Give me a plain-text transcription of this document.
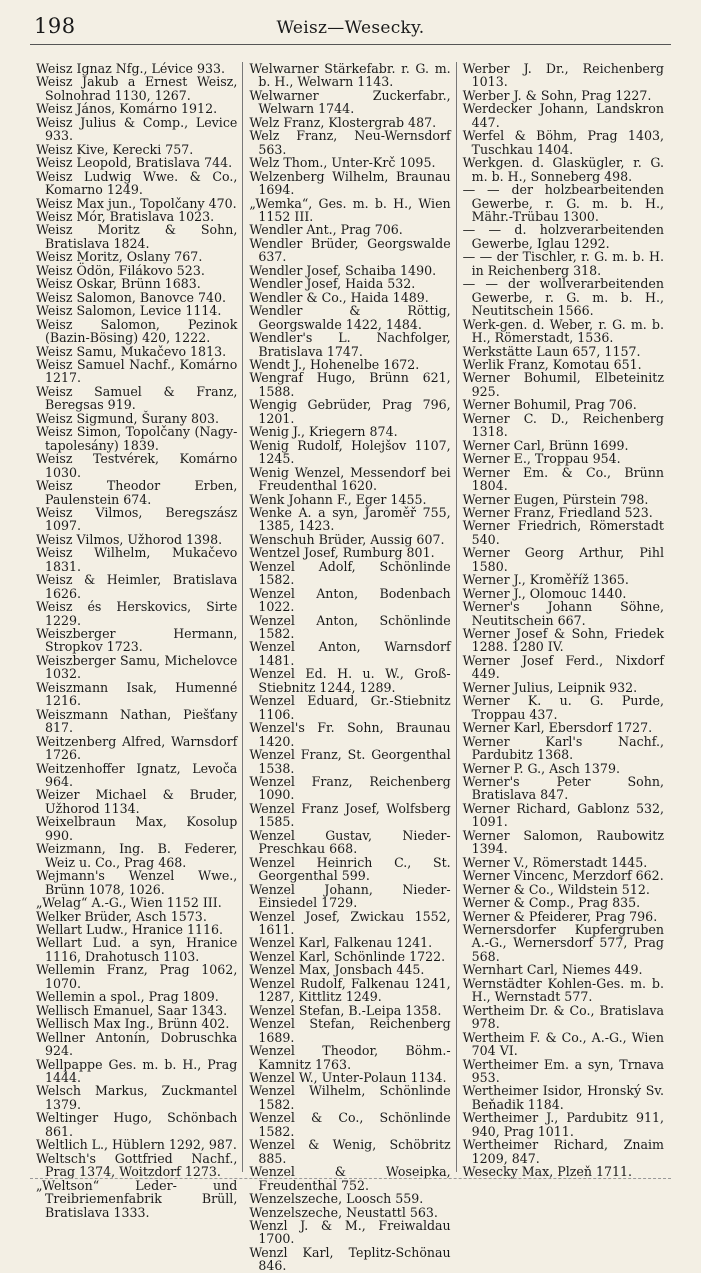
198	Weisz—Wesecky.

Weisz Ignaz Nfg., Lévice 933.

Weisz Jakub a Ernest Weisz, Solnohrad 1130, 1267.

Weisz János, Komárno 1912.

Weisz Julius & Comp., Levice 933.

Weisz Kive, Kerecki 757.

Weisz Leopold, Bratislava 744.

Weisz Ludwig Wwe. & Co., Komarno 1249.

Weisz Max jun., Topolčany 470.

Weisz Mór, Bratislava 1023.

Weisz Moritz & Sohn, Bratislava 1824.

Weisz Moritz, Oslany 767.

Weisz Ödön, Filákovo 523.

Weisz Oskar, Brünn 1683.

Weisz Salomon, Banovce 740.

Weisz Salomon, Levice 1114.

Weisz Salomon, Pezinok (Bazin-Bösing) 420, 1222.

Weisz Samu, Mukačevo 1813.

Weisz Samuel Nachf., Komárno 1217.

Weisz Samuel & Franz, Beregsas 919.

Weisz Sigmund, Šurany 803.

Weisz Simon, Topolčany (Nagy-tapolesány) 1839.

Weisz Testvérek, Komárno 1030.

Weisz Theodor Erben, Paulenstein 674.

Weisz Vilmos, Beregszász 1097.

Weisz Vilmos, Užhorod 1398.

Weisz Wilhelm, Mukačevo 1831.

Weisz & Heimler, Bratislava 1626.

Weisz és Herskovics, Sirte 1229.

Weiszberger Hermann, Stropkov 1723.

Weiszberger Samu, Michelovce 1032.

Weiszmann Isak, Humenné 1216.

Weiszmann Nathan, Piešťany 817.

Weitzenberg Alfred, Warnsdorf 1726.

Weitzenhoffer Ignatz, Levoča 964.

Weizer Michael & Bruder, Užhorod 1134.

Weixelbraun Max, Kosolup 990.

Weizmann, Ing. B. Federer, Weiz u. Co., Prag 468.

Wejmann's Wenzel Wwe., Brünn 1078, 1026.

„Welag“ A.-G., Wien 1152 III.

Welker Brüder, Asch 1573.

Wellart Ludw., Hranice 1116.

Wellart Lud. a syn, Hranice 1116, Drahotusch 1103.

Wellemin Franz, Prag 1062, 1070.

Wellemin a spol., Prag 1809.

Wellisch Emanuel, Saar 1343.

Wellisch Max Ing., Brünn 402.

Wellner Antonín, Dobruschka 924.

Wellpappe Ges. m. b. H., Prag 1444.

Welsch Markus, Zuckmantel 1379.

Weltinger Hugo, Schönbach 861.

Weltlich L., Hüblern 1292, 987.

Weltsch's Gottfried Nachf., Prag 1374, Woitzdorf 1273.

„Weltson“ Leder- und Treibriemenfabrik Brüll, Bratislava 1333.

Welwarner Stärkefabr. r. G. m. b. H., Welwarn 1143.

Welwarner Zuckerfabr., Welwarn 1744.

Welz Franz, Klostergrab 487.

Welz Franz, Neu-Wernsdorf 563.

Welz Thom., Unter-Krč 1095.

Welzenberg Wilhelm, Braunau 1694.

„Wemka“, Ges. m. b. H., Wien 1152 III.

Wendler Ant., Prag 706.

Wendler Brüder, Georgswalde 637.

Wendler Josef, Schaiba 1490.

Wendler Josef, Haida 532.

Wendler & Co., Haida 1489.

Wendler & Röttig, Georgswalde 1422, 1484.

Wendler's L. Nachfolger, Bratislava 1747.

Wendt J., Hohenelbe 1672.

Wengraf Hugo, Brünn 621, 1588.

Wengig Gebrüder, Prag 796, 1201.

Wenig J., Kriegern 874.

Wenig Rudolf, Holejšov 1107, 1245.

Wenig Wenzel, Messendorf bei Freudenthal 1620.

Wenk Johann F., Eger 1455.

Wenke A. a syn, Jaroměř 755, 1385, 1423.

Wenschuh Brüder, Aussig 607.

Wentzel Josef, Rumburg 801.

Wenzel Adolf, Schönlinde 1582.

Wenzel Anton, Bodenbach 1022.

Wenzel Anton, Schönlinde 1582.

Wenzel Anton, Warnsdorf 1481.

Wenzel Ed. H. u. W., Groß-Stiebnitz 1244, 1289.

Wenzel Eduard, Gr.-Stiebnitz 1106.

Wenzel's Fr. Sohn, Braunau 1420.

Wenzel Franz, St. Georgenthal 1538.

Wenzel Franz, Reichenberg 1090.

Wenzel Franz Josef, Wolfsberg 1585.

Wenzel Gustav, Nieder-Preschkau 668.

Wenzel Heinrich C., St. Georgenthal 599.

Wenzel Johann, Nieder-Einsiedel 1729.

Wenzel Josef, Zwickau 1552, 1611.

Wenzel Karl, Falkenau 1241.

Wenzel Karl, Schönlinde 1722.

Wenzel Max, Jonsbach 445.

Wenzel Rudolf, Falkenau 1241, 1287, Kittlitz 1249.

Wenzel Stefan, B.-Leipa 1358.

Wenzel Stefan, Reichenberg 1689.

Wenzel Theodor, Böhm.-Kamnitz 1763.

Wenzel W., Unter-Polaun 1134.

Wenzel Wilhelm, Schönlinde 1582.

Wenzel & Co., Schönlinde 1582.

Wenzel & Wenig, Schöbritz 885.

Wenzel & Woseipka, Freudenthal 752.

Wenzelszeche, Loosch 559.

Wenzelszeche, Neustattl 563.

Wenzl J. & M., Freiwaldau 1700.

Wenzl Karl, Teplitz-Schönau 846.

Werber J. Dr., Reichenberg 1013.

Werber J. & Sohn, Prag 1227.

Werdecker Johann, Landskron 447.

Werfel & Böhm, Prag 1403, Tuschkau 1404.

Werkgen. d. Glaskügler, r. G. m. b. H., Sonneberg 498.

— — der holzbearbeitenden Gewerbe, r. G. m. b. H., Mähr.-Trübau 1300.

— — d. holzverarbeitenden Gewerbe, Iglau 1292.

— — der Tischler, r. G. m. b. H. in Reichenberg 318.

— — der wollverarbeitenden Gewerbe, r. G. m. b. H., Neutitschein 1566.

Werk-gen. d. Weber, r. G. m. b. H., Römerstadt, 1536.

Werkstätte Laun 657, 1157.

Werlik Franz, Komotau 651.

Werner Bohumil, Elbeteinitz 925.

Werner Bohumil, Prag 706.

Werner C. D., Reichenberg 1318.

Werner Carl, Brünn 1699.

Werner E., Troppau 954.

Werner Em. & Co., Brünn 1804.

Werner Eugen, Pürstein 798.

Werner Franz, Friedland 523.

Werner Friedrich, Römerstadt 540.

Werner Georg Arthur, Pihl 1580.

Werner J., Kroměříž 1365.

Werner J., Olomouc 1440.

Werner's Johann Söhne, Neutitschein 667.

Werner Josef & Sohn, Friedek 1288. 1280 IV.

Werner Josef Ferd., Nixdorf 449.

Werner Julius, Leipnik 932.

Werner K. u. G. Purde, Troppau 437.

Werner Karl, Ebersdorf 1727.

Werner Karl's Nachf., Pardubitz 1368.

Werner P. G., Asch 1379.

Werner's Peter Sohn, Bratislava 847.

Werner Richard, Gablonz 532, 1091.

Werner Salomon, Raubowitz 1394.

Werner V., Römerstadt 1445.

Werner Vincenc, Merzdorf 662.

Werner & Co., Wildstein 512.

Werner & Comp., Prag 835.

Werner & Pfeiderer, Prag 796.

Wernersdorfer Kupfergruben A.-G., Wernersdorf 577, Prag 568.

Wernhart Carl, Niemes 449.

Wernstädter Kohlen-Ges. m. b. H., Wernstadt 577.

Wertheim Dr. & Co., Bratislava 978.

Wertheim F. & Co., A.-G., Wien 704 VI.

Wertheimer Em. a syn, Trnava 953.

Wertheimer Isidor, Hronský Sv. Beňadik 1184.

Wertheimer J., Pardubitz 911, 940, Prag 1011.

Wertheimer Richard, Znaim 1209, 847.

Wesecky Max, Plzeň 1711.
